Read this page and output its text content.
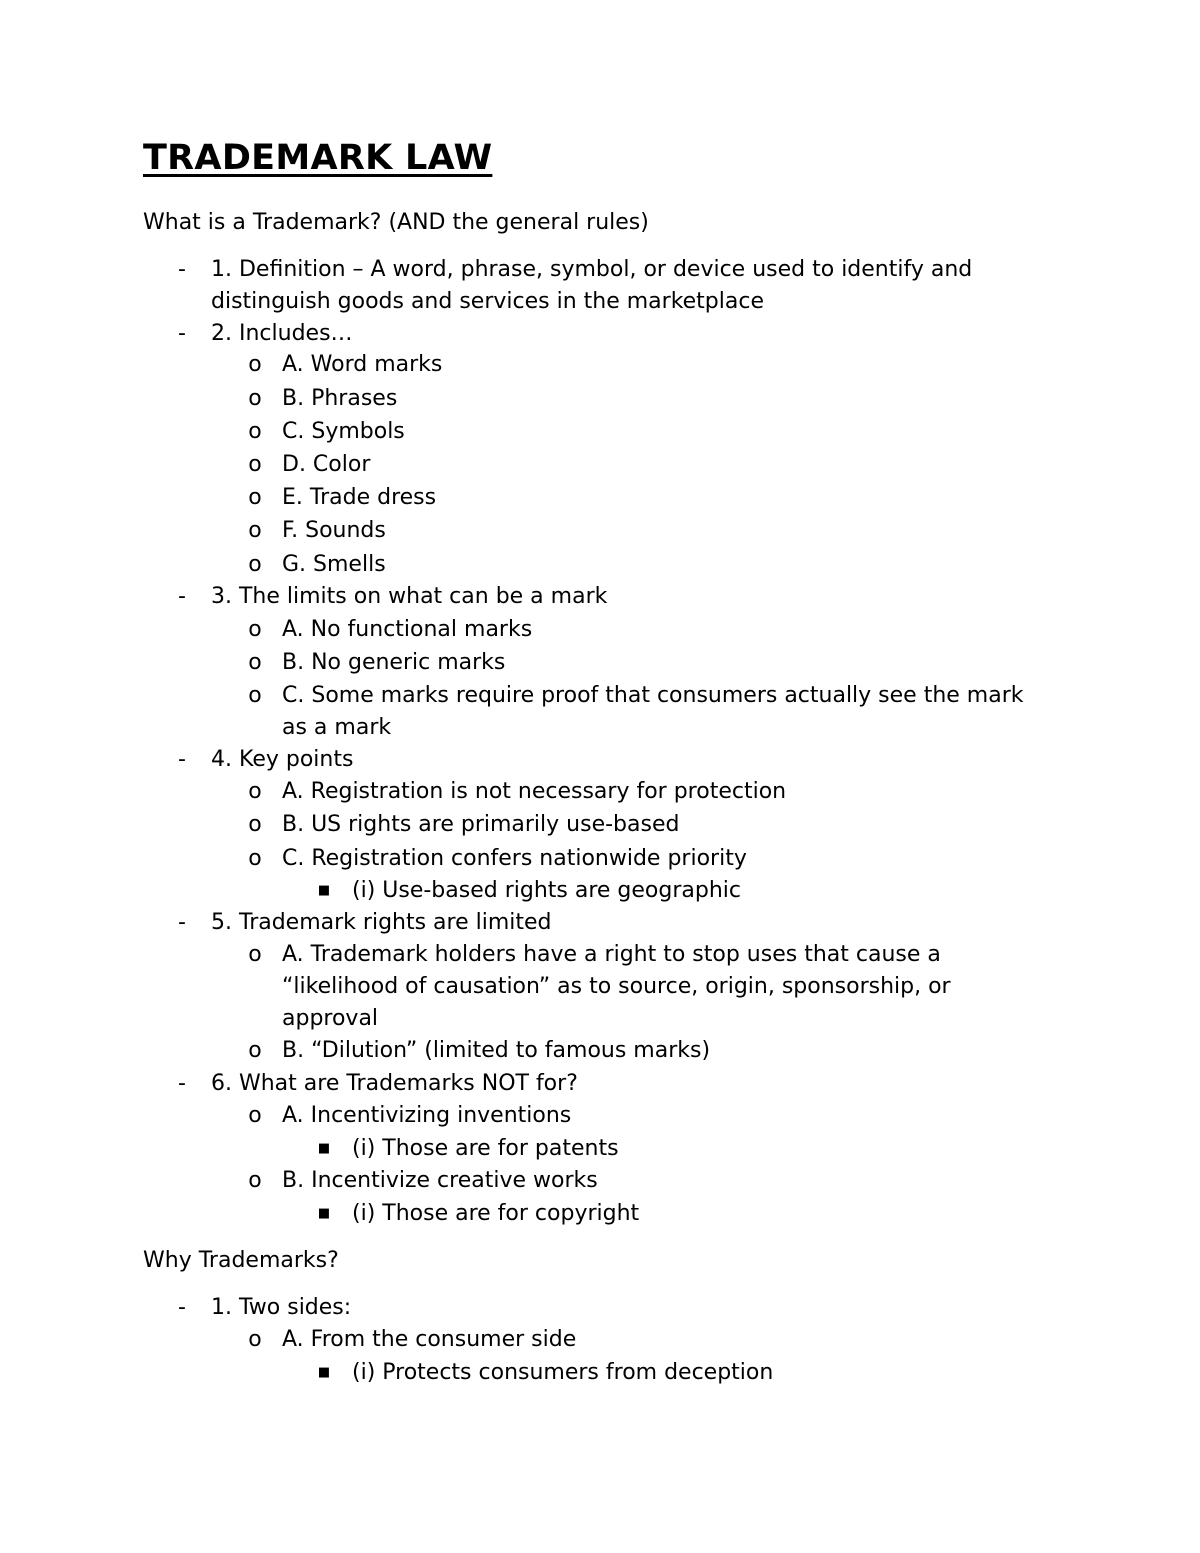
TRADEMARK LAW

What is a Trademark? (AND the general rules)

-	1. Definition – A word, phrase, symbol, or device used to identify and distinguish goods and services in the marketplace
-	2. Includes…
o A. Word marks
o B. Phrases
o C. Symbols
o D. Color
o E. Trade dress
o F. Sounds
o G. Smells
-	3. The limits on what can be a mark
o A. No functional marks
o B. No generic marks
o C. Some marks require proof that consumers actually see the mark as a mark
-	4. Key points
o A. Registration is not necessary for protection
o B. US rights are primarily use-based
o C. Registration confers nationwide priority
■ (i) Use-based rights are geographic
-	5. Trademark rights are limited
o A. Trademark holders have a right to stop uses that cause a “likelihood of causation” as to source, origin, sponsorship, or approval
o B. “Dilution” (limited to famous marks)
-	6. What are Trademarks NOT for?
o A. Incentivizing inventions
■ (i) Those are for patents
o B. Incentivize creative works
■ (i) Those are for copyright

Why Trademarks?

-	1. Two sides:
o A. From the consumer side
■ (i) Protects consumers from deception
